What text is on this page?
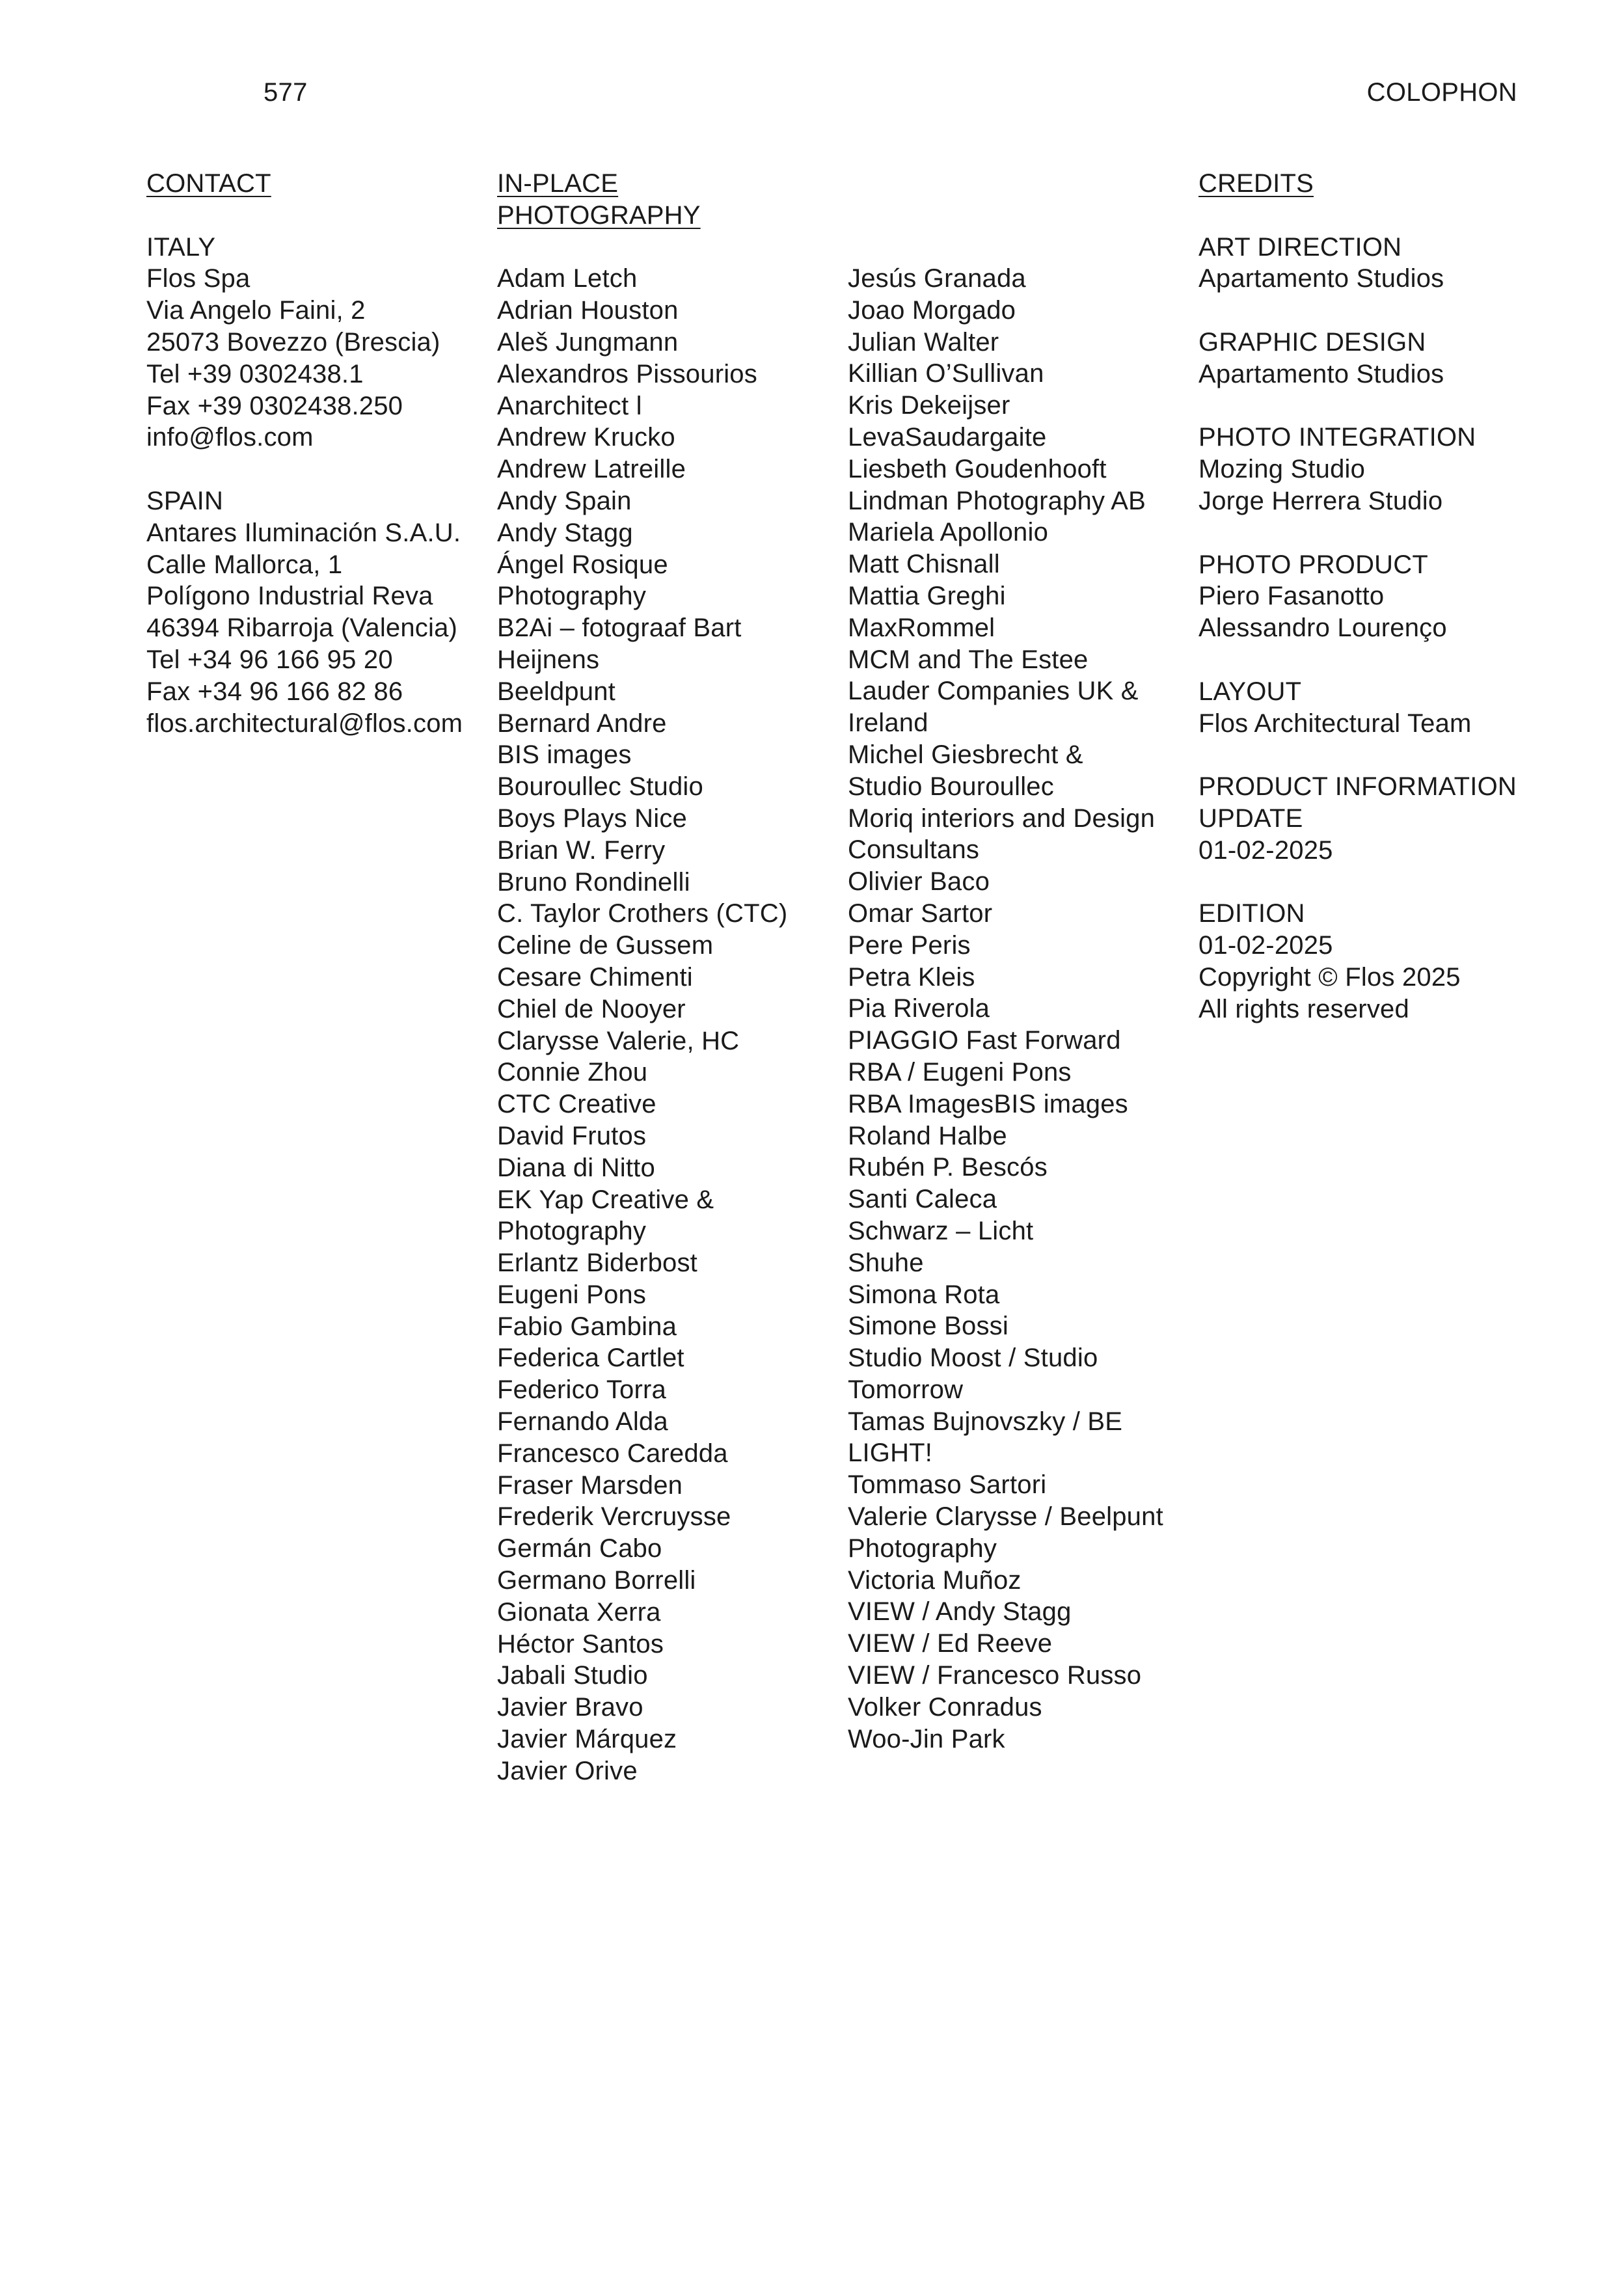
577	COLOPHON
CONTACT
ITALY
Flos Spa
Via Angelo Faini, 2
25073 Bovezzo (Brescia)
Tel +39 0302438.1
Fax +39 0302438.250
info@flos.com
SPAIN
Antares Iluminación S.A.U.
Calle Mallorca, 1
Polígono Industrial Reva
46394 Ribarroja (Valencia)
Tel +34 96 166 95 20
Fax +34 96 166 82 86
flos.architectural@flos.com
IN-PLACE
PHOTOGRAPHY
Adam Letch
Adrian Houston
Aleš Jungmann
Alexandros Pissourios
Anarchitect l
Andrew Krucko
Andrew Latreille
Andy Spain
Andy Stagg
Ángel Rosique
Photography
B2Ai – fotograaf Bart
Heijnens
Beeldpunt
Bernard Andre
BIS images
Bouroullec Studio
Boys Plays Nice
Brian W. Ferry
Bruno Rondinelli
C. Taylor Crothers (CTC)
Celine de Gussem
Cesare Chimenti
Chiel de Nooyer
Clarysse Valerie, HC
Connie Zhou
CTC Creative
David Frutos
Diana di Nitto
EK Yap Creative &
Photography
Erlantz Biderbost
Eugeni Pons
Fabio Gambina
Federica Cartlet
Federico Torra
Fernando Alda
Francesco Caredda
Fraser Marsden
Frederik Vercruysse
Germán Cabo
Germano Borrelli
Gionata Xerra
Héctor Santos
Jabali Studio
Javier Bravo
Javier Márquez
Javier Orive
Jesús Granada
Joao Morgado
Julian Walter
Killian O’Sullivan
Kris Dekeijser
LevaSaudargaite
Liesbeth Goudenhooft
Lindman Photography AB
Mariela Apollonio
Matt Chisnall
Mattia Greghi
MaxRommel
MCM and The Estee
Lauder Companies UK &
Ireland
Michel Giesbrecht &
Studio Bouroullec
Moriq interiors and Design
Consultans
Olivier Baco
Omar Sartor
Pere Peris
Petra Kleis
Pia Riverola
PIAGGIO Fast Forward
RBA / Eugeni Pons
RBA ImagesBIS images
Roland Halbe
Rubén P. Bescós
Santi Caleca
Schwarz – Licht
Shuhe
Simona Rota
Simone Bossi
Studio Moost / Studio
Tomorrow
Tamas Bujnovszky / BE
LIGHT!
Tommaso Sartori
Valerie Clarysse / Beelpunt
Photography
Victoria Muñoz
VIEW / Andy Stagg
VIEW / Ed Reeve
VIEW / Francesco Russo
Volker Conradus
Woo-Jin Park
CREDITS
ART DIRECTION
Apartamento Studios
GRAPHIC DESIGN
Apartamento Studios
PHOTO INTEGRATION
Mozing Studio
Jorge Herrera Studio
PHOTO PRODUCT
Piero Fasanotto
Alessandro Lourenço
LAYOUT
Flos Architectural Team
PRODUCT INFORMATION
UPDATE
01-02-2025
EDITION
01-02-2025
Copyright © Flos 2025
All rights reserved
